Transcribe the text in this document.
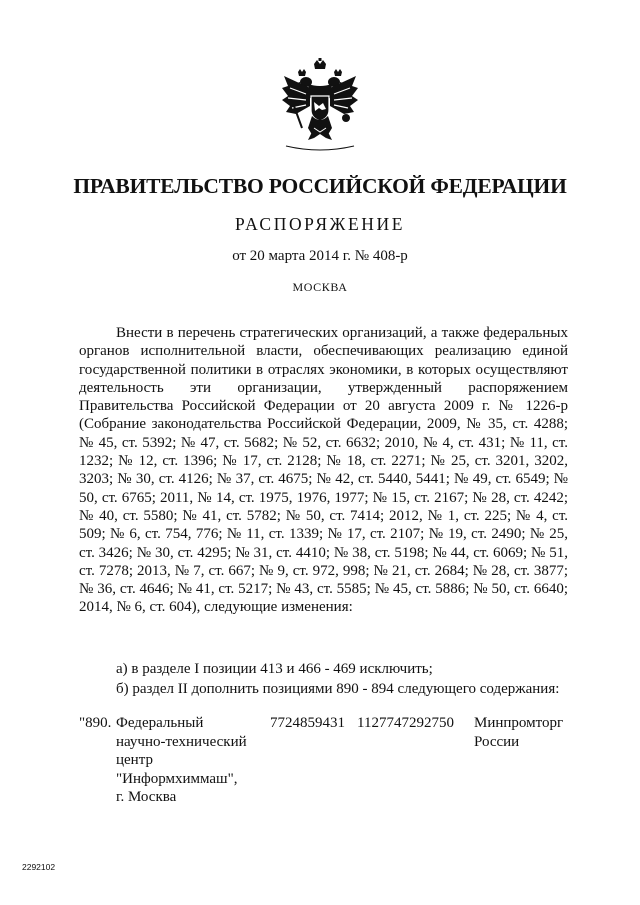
ПРАВИТЕЛЬСТВО РОССИЙСКОЙ ФЕДЕРАЦИИ
РАСПОРЯЖЕНИЕ
от 20 марта 2014 г. № 408-р
МОСКВА

Внести в перечень стратегических организаций, а также федеральных органов исполнительной власти, обеспечивающих реализацию единой государственной политики в отраслях экономики, в которых осуществляют деятельность эти организации, утвержденный распоряжением Правительства Российской Федерации от 20 августа 2009 г. № 1226-р (Собрание законодательства Российской Федерации, 2009, № 35, ст. 4288; № 45, ст. 5392; № 47, ст. 5682; № 52, ст. 6632; 2010, № 4, ст. 431; № 11, ст. 1232; № 12, ст. 1396; № 17, ст. 2128; № 18, ст. 2271; № 25, ст. 3201, 3202, 3203; № 30, ст. 4126; № 37, ст. 4675; № 42, ст. 5440, 5441; № 49, ст. 6549; № 50, ст. 6765; 2011, № 14, ст. 1975, 1976, 1977; № 15, ст. 2167; № 28, ст. 4242; № 40, ст. 5580; № 41, ст. 5782; № 50, ст. 7414; 2012, № 1, ст. 225; № 4, ст. 509; № 6, ст. 754, 776; № 11, ст. 1339; № 17, ст. 2107; № 19, ст. 2490; № 25, ст. 3426; № 30, ст. 4295; № 31, ст. 4410; № 38, ст. 5198; № 44, ст. 6069; № 51, ст. 7278; 2013, № 7, ст. 667; № 9, ст. 972, 998; № 21, ст. 2684; № 28, ст. 3877; № 36, ст. 4646; № 41, ст. 5217; № 43, ст. 5585; № 45, ст. 5886; № 50, ст. 6640; 2014, № 6, ст. 604), следующие изменения:

а) в разделе I позиции 413 и 466 - 469 исключить;
б) раздел II дополнить позициями 890 - 894 следующего содержания:
"890. Федеральный
научно-технический
центр
"Информхиммаш",
г. Москва
7724859431 1127747292750 Минпромторг
России
2292102
